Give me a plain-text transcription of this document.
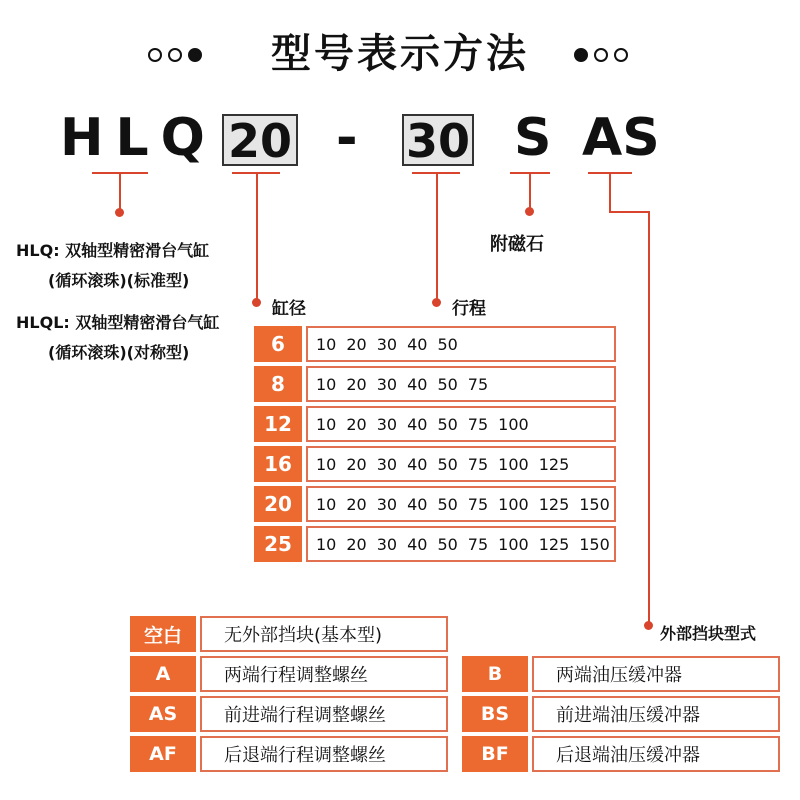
型号表示方法
HLQ 20 - 30 S AS
附磁石
缸径	行程
外部挡块型式
HLQ: 双轴型精密滑台气缸
(循环滚珠)(标准型)
HLQL: 双轴型精密滑台气缸
(循环滚珠)(对称型)	6	10 20 30 40 50
8	10 20 30 40 50 75
12	10 20 30 40 50 75 100
16	10 20 30 40 50 75 100 125
20	10 20 30 40 50 75 100 125 150
25	10 20 30 40 50 75 100 125 150
空白	无外部挡块(基本型)
A	两端行程调整螺丝
AS	前进端行程调整螺丝
AF	后退端行程调整螺丝
B	两端油压缓冲器
BS	前进端油压缓冲器
BF	后退端油压缓冲器
